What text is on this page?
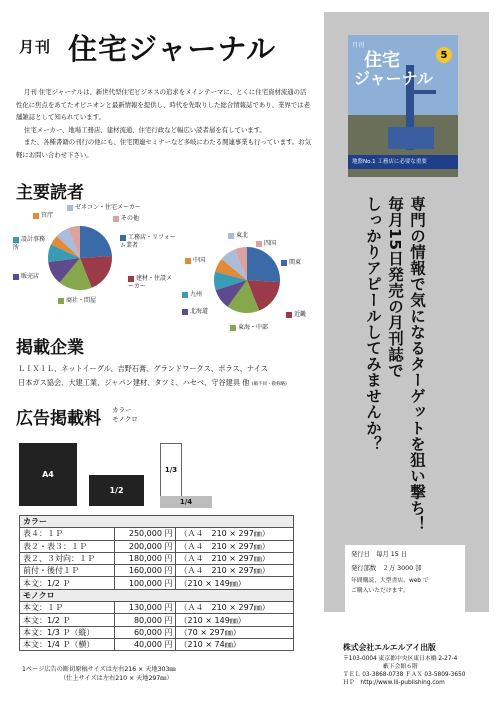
月刊 住宅ジャーナル

月刊 住宅ジャーナルは、新世代型住宅ビジネスの追求をメインテーマに、とくに住宅資材流通の活性化に焦点をあてたオピニオンと最新情報を提供し、時代を先取りした総合情報誌であり、業界では老舗雑誌として知られています。

住宅メーカー、地場工務店、建材流通、住宅行政など幅広い読者層を有しています。

また、各種書籍の刊行の他にも、住宅関連セミナーなど多岐にわたる関連事業も行っています。お気軽にお問い合わせ下さい。

主要読者
ゼネコン・住宅メーカー
その他
官庁
工務店・リフォーム業者
設計事務所
販売店	建材・住設メーカー
商社・問屋
東北
四国
中国	関東
九州
北海道	近畿
東海・中部
掲載企業
ＬＩＸＩＬ、ネットイーグル、吉野石膏、グランドワークス、ポラス、ナイス
日本ガス協会、大建工業、ジャパン建材、タツミ、ハセベ、守谷建具 他 (順不同・敬称略)
広告掲載料 カラー
モノクロ
A4
1/2
1/3
1/4
カラー		
表４：１Ｐ	250,000 円	（Ａ４　210 × 297㎜）
表２・表３：１Ｐ	200,000 円	（Ａ４　210 × 297㎜）
表２、３対向：１Ｐ	180,000 円	（Ａ４　210 × 297㎜）
前付・後付１Ｐ	160,000 円	（Ａ４　210 × 297㎜）
本文：1/2 Ｐ	100,000 円	（210 × 149㎜）
モノクロ		
本文：１Ｐ	130,000 円	（Ａ４　210 × 297㎜）
本文：1/2 Ｐ	80,000 円	（210 × 149㎜）
本文：1/3 Ｐ（縦）	60,000 円	（70 × 297㎜）
本文：1/4 Ｐ（横）	40,000 円	（210 × 74㎜）
1ページ広告の断切原稿サイズは左右216 × 天地303㎜
（仕上サイズは左右210 × 天地297㎜）
月刊
住宅
ジャーナル
5
地盤No.1 工務店に必要な重要
専門の情報で気になるターゲットを狙い撃ち！
毎月15日発売の月刊誌で
しっかりアピールしてみませんか？
発行日　毎月 15 日
発行部数　２万 3000 部
年間購読、大型書店、web で
ご購入いただけます。
株式会社エルエルアイ出版
〒103-0004 東京都中央区東日本橋 2-27-4
藪下会館６階
ＴＥＬ 03-3868-0738 ＦＡＸ 03-5809-3650
ＨＰ　http://www.lli-publishing.com
